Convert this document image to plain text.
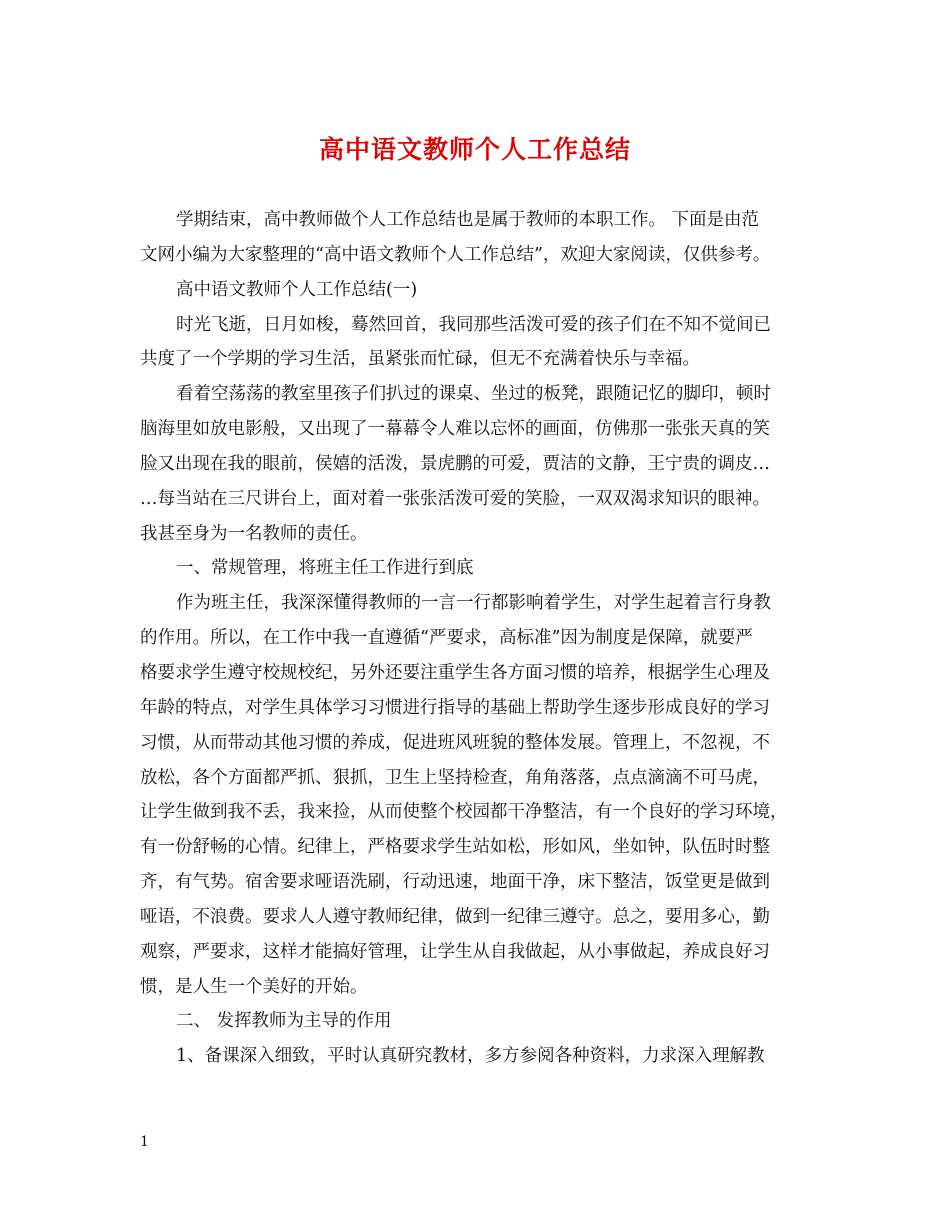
高中语文教师个人工作总结
学期结束，高中教师做个人工作总结也是属于教师的本职工作。 下面是由范
文网小编为大家整理的“高中语文教师个人工作总结”，欢迎大家阅读，仅供参考。
高中语文教师个人工作总结(一)
时光飞逝，日月如梭，蓦然回首，我同那些活泼可爱的孩子们在不知不觉间已
共度了一个学期的学习生活，虽紧张而忙碌，但无不充满着快乐与幸福。
看着空荡荡的教室里孩子们扒过的课桌、坐过的板凳，跟随记忆的脚印，顿时
脑海里如放电影般，又出现了一幕幕令人难以忘怀的画面，仿佛那一张张天真的笑
脸又出现在我的眼前，侯嬉的活泼，景虎鹏的可爱，贾洁的文静，王宁贵的调皮…
…每当站在三尺讲台上，面对着一张张活泼可爱的笑脸，一双双渴求知识的眼神。
我甚至身为一名教师的责任。
一、常规管理，将班主任工作进行到底
作为班主任，我深深懂得教师的一言一行都影响着学生，对学生起着言行身教
的作用。所以，在工作中我一直遵循“严要求，高标准”因为制度是保障，就要严
格要求学生遵守校规校纪，另外还要注重学生各方面习惯的培养，根据学生心理及
年龄的特点，对学生具体学习习惯进行指导的基础上帮助学生逐步形成良好的学习
习惯，从而带动其他习惯的养成，促进班风班貌的整体发展。管理上，不忽视，不
放松，各个方面都严抓、狠抓，卫生上坚持检查，角角落落，点点滴滴不可马虎，
让学生做到我不丢，我来捡，从而使整个校园都干净整洁，有一个良好的学习环境，
有一份舒畅的心情。纪律上，严格要求学生站如松，形如风，坐如钟，队伍时时整
齐，有气势。宿舍要求哑语洗刷，行动迅速，地面干净，床下整洁，饭堂更是做到
哑语，不浪费。要求人人遵守教师纪律，做到一纪律三遵守。总之，要用多心，勤
观察，严要求，这样才能搞好管理，让学生从自我做起，从小事做起，养成良好习
惯，是人生一个美好的开始。
二、 发挥教师为主导的作用
1、备课深入细致，平时认真研究教材，多方参阅各种资料，力求深入理解教
1
